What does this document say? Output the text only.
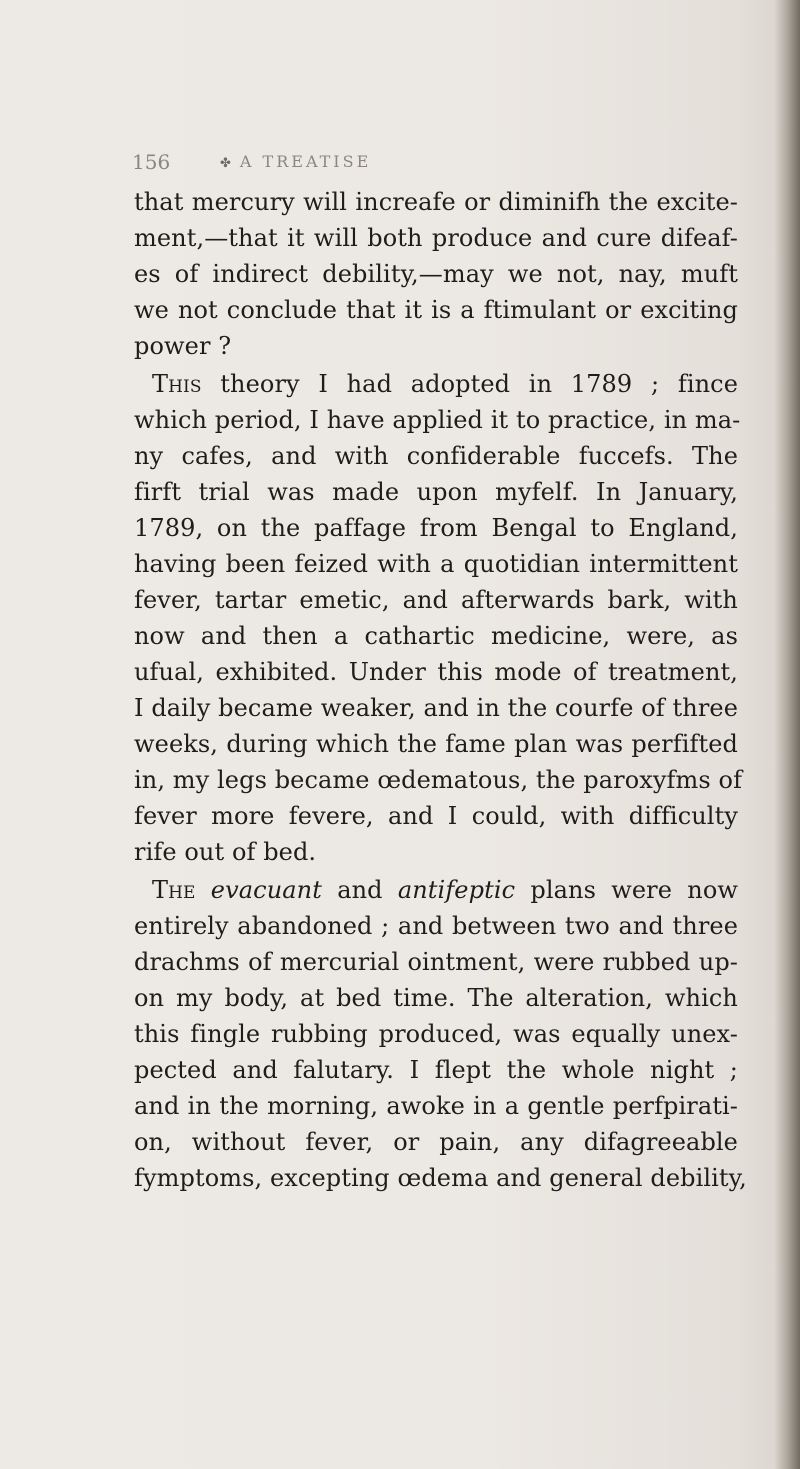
156	✤ A TREATISE
that mercury will increafe or diminifh the excite-
ment,—that it will both produce and cure difeaf-
es of indirect debility,—may we not, nay, muft
we not conclude that it is a ftimulant or exciting
power ?
This theory I had adopted in 1789 ; fince
which period, I have applied it to practice, in ma-
ny cafes, and with confiderable fuccefs. The
firft trial was made upon myfelf. In January,
1789, on the paffage from Bengal to England,
having been feized with a quotidian intermittent
fever, tartar emetic, and afterwards bark, with
now and then a cathartic medicine, were, as
ufual, exhibited. Under this mode of treatment,
I daily became weaker, and in the courfe of three
weeks, during which the fame plan was perfifted
in, my legs became œdematous, the paroxyfms of
fever more fevere, and I could, with difficulty
rife out of bed.
The evacuant and antifeptic plans were now
entirely abandoned ; and between two and three
drachms of mercurial ointment, were rubbed up-
on my body, at bed time. The alteration, which
this fingle rubbing produced, was equally unex-
pected and falutary. I flept the whole night ;
and in the morning, awoke in a gentle perfpirati-
on, without fever, or pain, any difagreeable
fymptoms, excepting œdema and general debility,
